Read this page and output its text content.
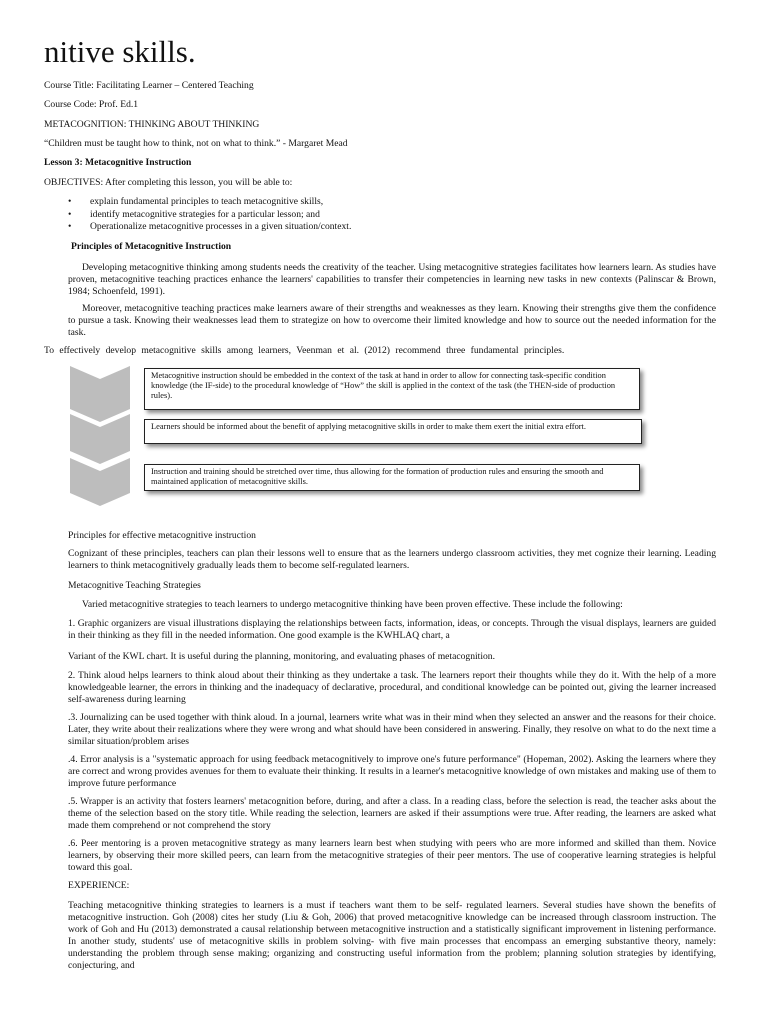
nitive skills.
Course Title: Facilitating Learner – Centered Teaching
Course Code: Prof. Ed.1
METACOGNITION: THINKING ABOUT THINKING
“Children must be taught how to think, not on what to think.” - Margaret Mead
Lesson 3: Metacognitive Instruction
OBJECTIVES: After completing this lesson, you will be able to:
• explain fundamental principles to teach metacognitive skills,
• identify metacognitive strategies for a particular lesson; and
• Operationalize metacognitive processes in a given situation/context.
Principles of Metacognitive Instruction

Developing metacognitive thinking among students needs the creativity of the teacher. Using metacognitive strategies facilitates how learners learn. As studies have proven, metacognitive teaching practices enhance the learners' capabilities to transfer their competencies in learning new tasks in new contexts (Palinscar & Brown, 1984; Schoenfeld, 1991).

Moreover, metacognitive teaching practices make learners aware of their strengths and weaknesses as they learn. Knowing their strengths give them the confidence to pursue a task. Knowing their weaknesses lead them to strategize on how to overcome their limited knowledge and how to source out the needed information for the task.

To effectively develop metacognitive skills among learners, Veenman et al. (2012) recommend three fundamental principles.

Metacognitive instruction should be embedded in the context of the task at hand in order to allow for connecting task-specific condition knowledge (the IF-side) to the procedural knowledge of “How” the skill is applied in the context of the task (the THEN-side of production rules).
Learners should be informed about the benefit of applying metacognitive skills in order to make them exert the initial extra effort.
Instruction and training should be stretched over time, thus allowing for the formation of production rules and ensuring the smooth and maintained application of metacognitive skills.
Principles for effective metacognitive instruction

Cognizant of these principles, teachers can plan their lessons well to ensure that as the learners undergo classroom activities, they met cognize their learning. Leading learners to think metacognitively gradually leads them to become self-regulated learners.

Metacognitive Teaching Strategies

Varied metacognitive strategies to teach learners to undergo metacognitive thinking have been proven effective. These include the following:

1. Graphic organizers are visual illustrations displaying the relationships between facts, information, ideas, or concepts. Through the visual displays, learners are guided in their thinking as they fill in the needed information. One good example is the KWHLAQ chart, a

Variant of the KWL chart. It is useful during the planning, monitoring, and evaluating phases of metacognition.

2. Think aloud helps learners to think aloud about their thinking as they undertake a task. The learners report their thoughts while they do it. With the help of a more knowledgeable learner, the errors in thinking and the inadequacy of declarative, procedural, and conditional knowledge can be pointed out, giving the learner increased self-awareness during learning

.3. Journalizing can be used together with think aloud. In a journal, learners write what was in their mind when they selected an answer and the reasons for their choice. Later, they write about their realizations where they were wrong and what should have been considered in answering. Finally, they resolve on what to do the next time a similar situation/problem arises

.4. Error analysis is a "systematic approach for using feedback metacognitively to improve one's future performance" (Hopeman, 2002). Asking the learners where they are correct and wrong provides avenues for them to evaluate their thinking. It results in a learner's metacognitive knowledge of own mistakes and making use of them to improve future performance

.5. Wrapper is an activity that fosters learners' metacognition before, during, and after a class. In a reading class, before the selection is read, the teacher asks about the theme of the selection based on the story title. While reading the selection, learners are asked if their assumptions were true. After reading, the learners are asked what made them comprehend or not comprehend the story

.6. Peer mentoring is a proven metacognitive strategy as many learners learn best when studying with peers who are more informed and skilled than them. Novice learners, by observing their more skilled peers, can learn from the metacognitive strategies of their peer mentors. The use of cooperative learning strategies is helpful toward this goal.

EXPERIENCE:

Teaching metacognitive thinking strategies to learners is a must if teachers want them to be self- regulated learners. Several studies have shown the benefits of metacognitive instruction. Goh (2008) cites her study (Liu & Goh, 2006) that proved metacognitive knowledge can be increased through classroom instruction. The work of Goh and Hu (2013) demonstrated a causal relationship between metacognitive instruction and a statistically significant improvement in listening performance. In another study, students' use of metacognitive skills in problem solving- with five main processes that encompass an emerging substantive theory, namely: understanding the problem through sense making; organizing and constructing useful information from the problem; planning solution strategies by identifying, conjecturing, and
